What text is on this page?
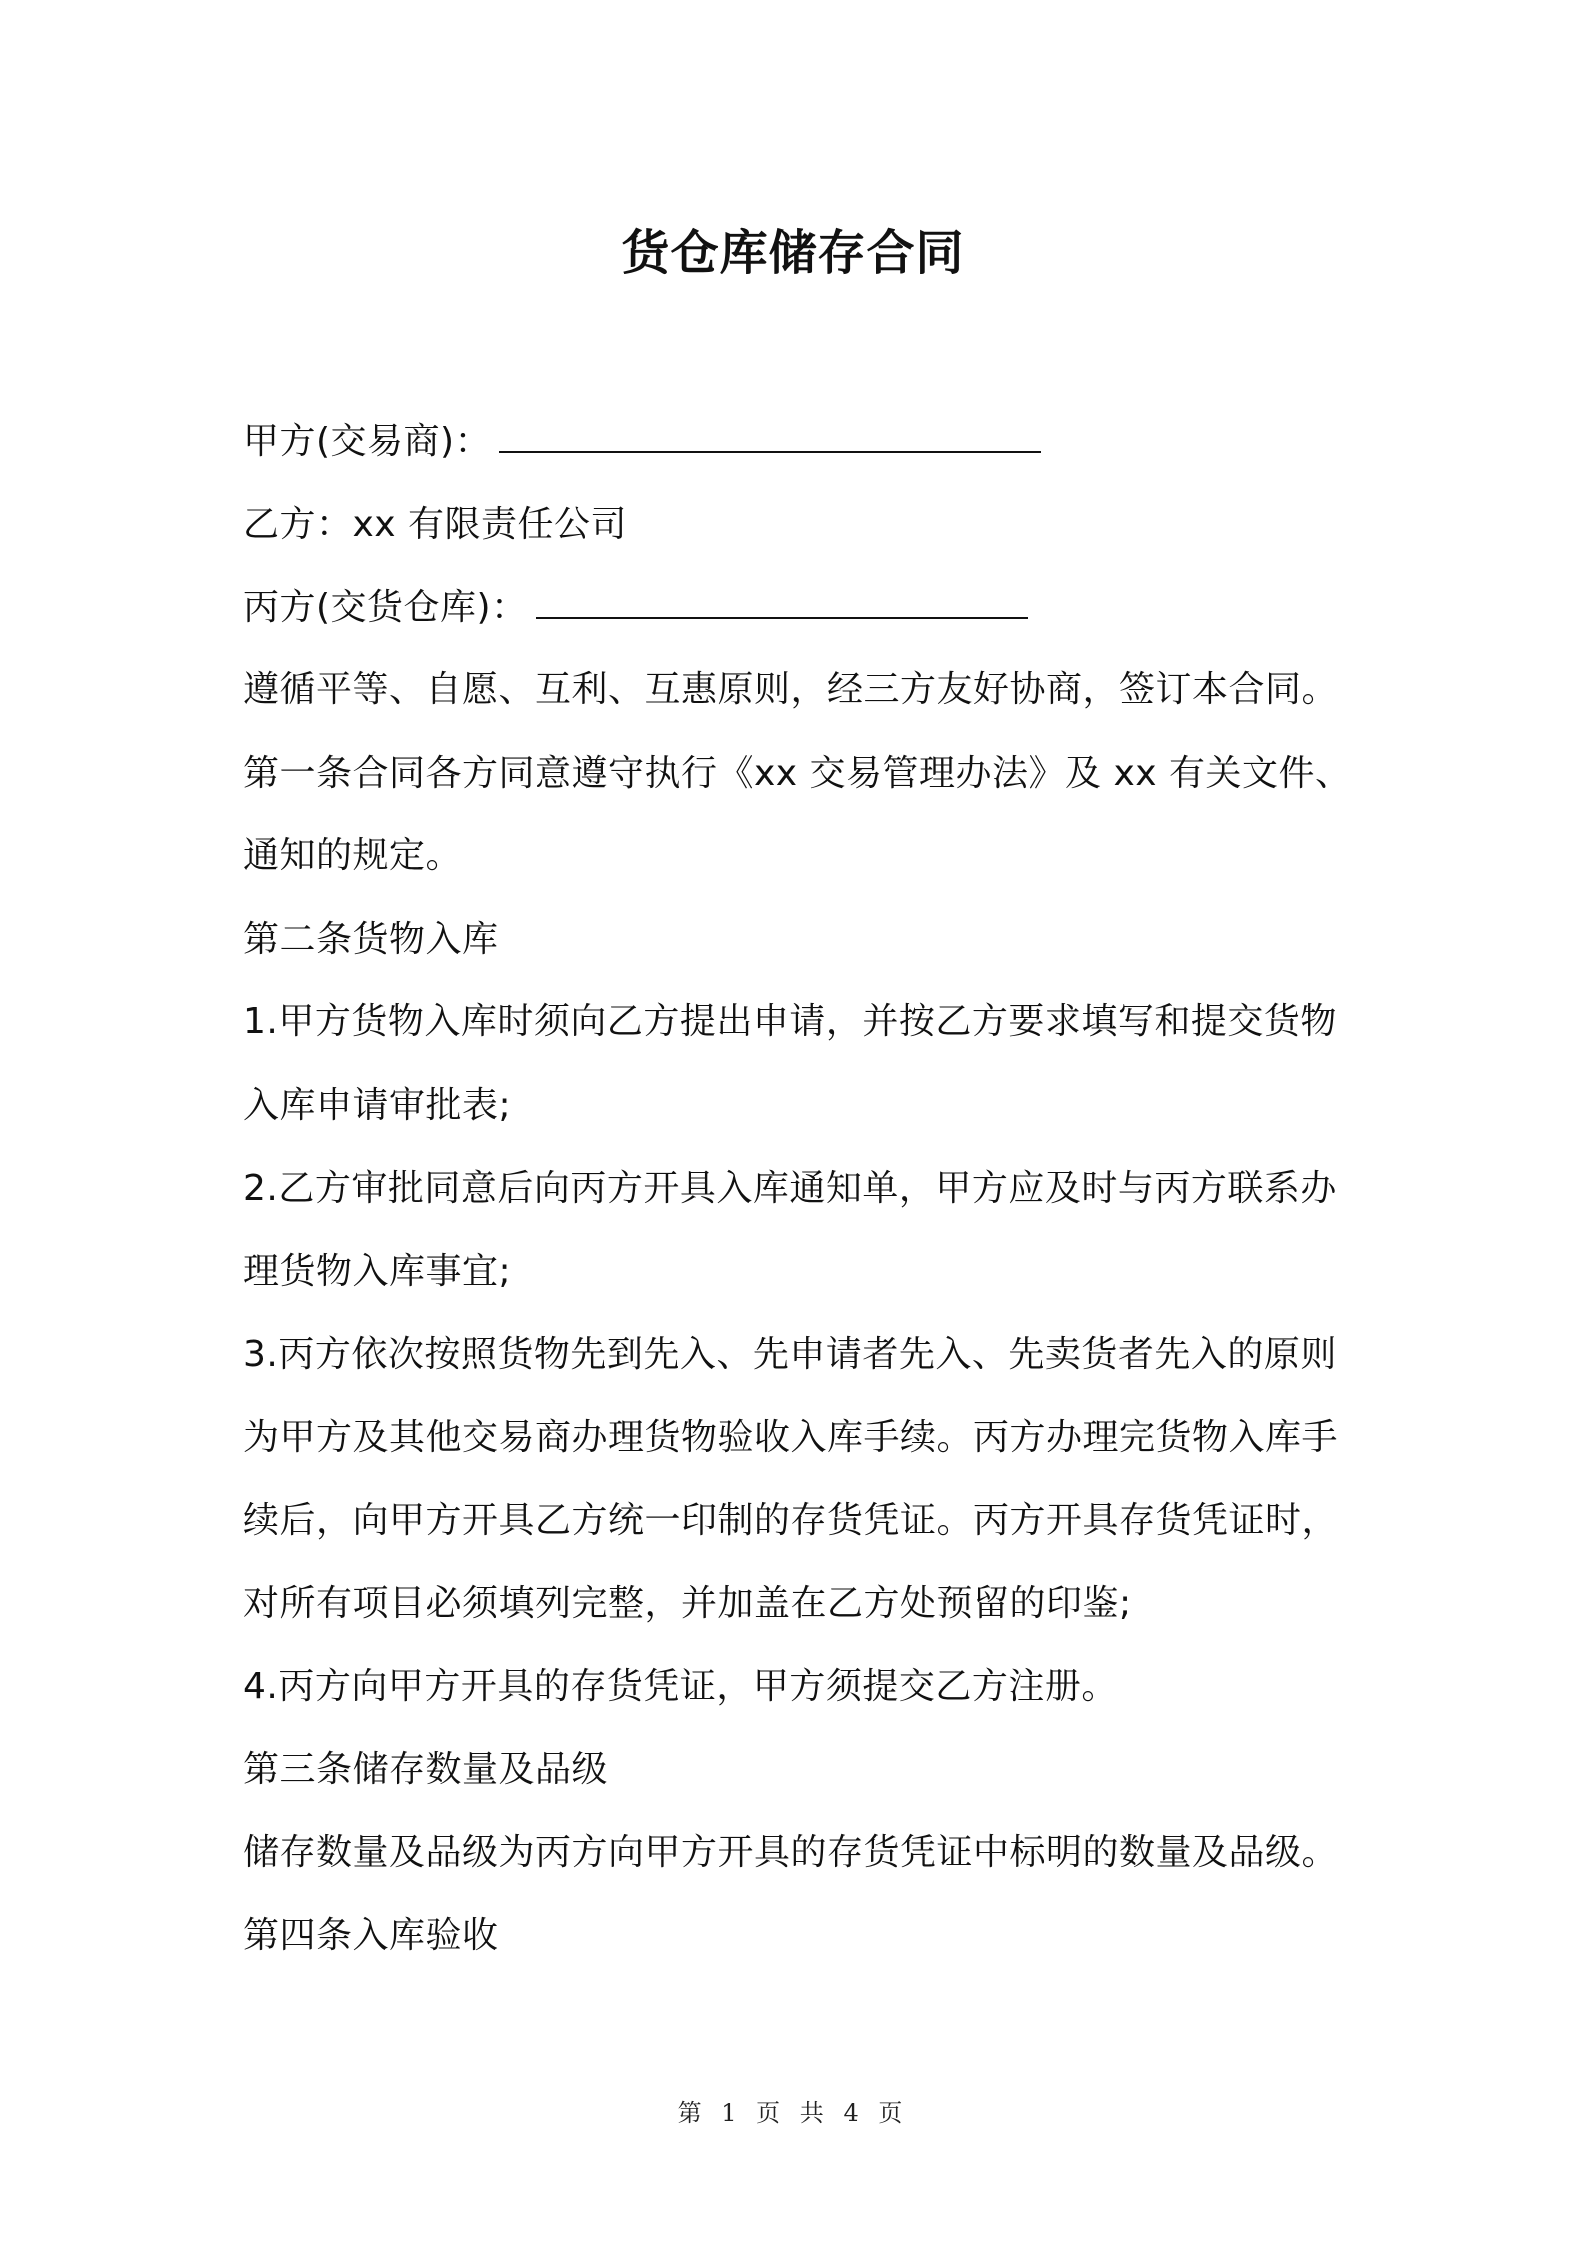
货仓库储存合同
甲方(交易商)：
乙方：xx 有限责任公司
丙方(交货仓库)：
遵循平等、自愿、互利、互惠原则，经三方友好协商，签订本合同。
第一条合同各方同意遵守执行《xx 交易管理办法》及 xx 有关文件、
通知的规定。
第二条货物入库
1.甲方货物入库时须向乙方提出申请，并按乙方要求填写和提交货物
入库申请审批表;
2.乙方审批同意后向丙方开具入库通知单，甲方应及时与丙方联系办
理货物入库事宜;
3.丙方依次按照货物先到先入、先申请者先入、先卖货者先入的原则
为甲方及其他交易商办理货物验收入库手续。丙方办理完货物入库手
续后，向甲方开具乙方统一印制的存货凭证。丙方开具存货凭证时，
对所有项目必须填列完整，并加盖在乙方处预留的印鉴;
4.丙方向甲方开具的存货凭证，甲方须提交乙方注册。
第三条储存数量及品级
储存数量及品级为丙方向甲方开具的存货凭证中标明的数量及品级。
第四条入库验收
第 1 页 共 4 页
